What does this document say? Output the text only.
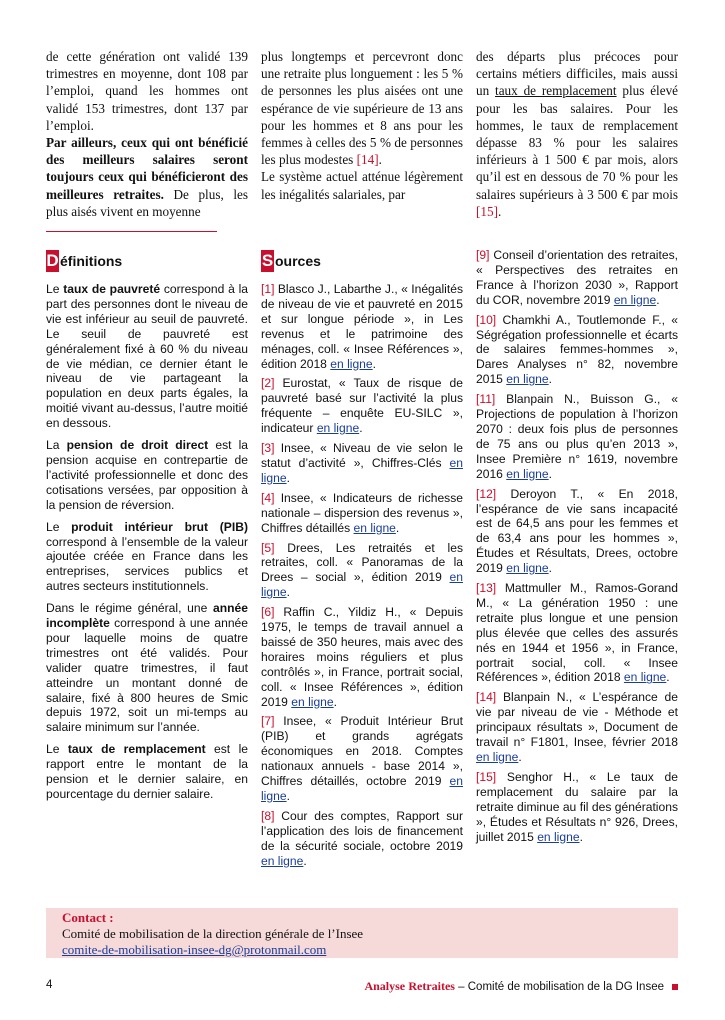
de cette génération ont validé 139 trimestres en moyenne, dont 108 par l’emploi, quand les hommes ont validé 153 trimestres, dont 137 par l’emploi.

Par ailleurs, ceux qui ont bénéficié des meilleurs salaires seront toujours ceux qui bénéficieront des meilleures retraites. De plus, les plus aisés vivent en moyenne

plus longtemps et percevront donc une retraite plus longuement : les 5 % de personnes les plus aisées ont une espérance de vie supérieure de 13 ans pour les hommes et 8 ans pour les femmes à celles des 5 % de personnes les plus modestes [14].

Le système actuel atténue légèrement les inégalités salariales, par

des départs plus précoces pour certains métiers difficiles, mais aussi un taux de remplacement plus élevé pour les bas salaires. Pour les hommes, le taux de remplacement dépasse 83 % pour les salaires inférieurs à 1 500 € par mois, alors qu’il est en dessous de 70 % pour les salaires supérieurs à 3 500 € par mois [15].

D éfinitions

Le taux de pauvreté correspond à la part des personnes dont le niveau de vie est inférieur au seuil de pauvreté. Le seuil de pauvreté est généralement fixé à 60 % du niveau de vie médian, ce dernier étant le niveau de vie partageant la population en deux parts égales, la moitié vivant au-dessus, l’autre moitié en dessous.

La pension de droit direct est la pension acquise en contrepartie de l’activité professionnelle et donc des cotisations versées, par opposition à la pension de réversion.

Le produit intérieur brut (PIB) correspond à l’ensemble de la valeur ajoutée créée en France dans les entreprises, services publics et autres secteurs institutionnels.

Dans le régime général, une année incomplète correspond à une année pour laquelle moins de quatre trimestres ont été validés. Pour valider quatre trimestres, il faut atteindre un montant donné de salaire, fixé à 800 heures de Smic depuis 1972, soit un mi-temps au salaire minimum sur l’année.

Le taux de remplacement est le rapport entre le montant de la pension et le dernier salaire, en pourcentage du dernier salaire.

S ources

[1] Blasco J., Labarthe J., « Inégalités de niveau de vie et pauvreté en 2015 et sur longue période », in Les revenus et le patrimoine des ménages, coll. « Insee Références », édition 2018 en ligne.

[2] Eurostat, « Taux de risque de pauvreté basé sur l’activité la plus fréquente – enquête EU-SILC », indicateur en ligne.

[3] Insee, « Niveau de vie selon le statut d’activité », Chiffres-Clés en ligne.

[4] Insee, « Indicateurs de richesse nationale – dispersion des revenus », Chiffres détaillés en ligne.

[5] Drees, Les retraités et les retraites, coll. « Panoramas de la Drees – social », édition 2019 en ligne.

[6] Raffin C., Yildiz H., « Depuis 1975, le temps de travail annuel a baissé de 350 heures, mais avec des horaires moins réguliers et plus contrôlés », in France, portrait social, coll. « Insee Références », édition 2019 en ligne.

[7] Insee, « Produit Intérieur Brut (PIB) et grands agrégats économiques en 2018. Comptes nationaux annuels - base 2014 », Chiffres détaillés, octobre 2019 en ligne.

[8] Cour des comptes, Rapport sur l’application des lois de financement de la sécurité sociale, octobre 2019 en ligne.

[9] Conseil d’orientation des retraites, « Perspectives des retraites en France à l’horizon 2030 », Rapport du COR, novembre 2019 en ligne.

[10] Chamkhi A., Toutlemonde F., « Ségrégation professionnelle et écarts de salaires femmes-hommes », Dares Analyses n° 82, novembre 2015 en ligne.

[11] Blanpain N., Buisson G., « Projections de population à l’horizon 2070 : deux fois plus de personnes de 75 ans ou plus qu’en 2013 », Insee Première n° 1619, novembre 2016 en ligne.

[12] Deroyon T., « En 2018, l’espérance de vie sans incapacité est de 64,5 ans pour les femmes et de 63,4 ans pour les hommes », Études et Résultats, Drees, octobre 2019 en ligne.

[13] Mattmuller M., Ramos-Gorand M., « La génération 1950 : une retraite plus longue et une pension plus élevée que celles des assurés nés en 1944 et 1956 », in France, portrait social, coll. « Insee Références », édition 2018 en ligne.

[14] Blanpain N., « L’espérance de vie par niveau de vie - Méthode et principaux résultats », Document de travail n° F1801, Insee, février 2018 en ligne.

[15] Senghor H., « Le taux de remplacement du salaire par la retraite diminue au fil des générations », Études et Résultats n° 926, Drees, juillet 2015 en ligne.

Contact :
Comité de mobilisation de la direction générale de l’Insee
comite-de-mobilisation-insee-dg@protonmail.com
4	Analyse Retraites – Comité de mobilisation de la DG Insee
